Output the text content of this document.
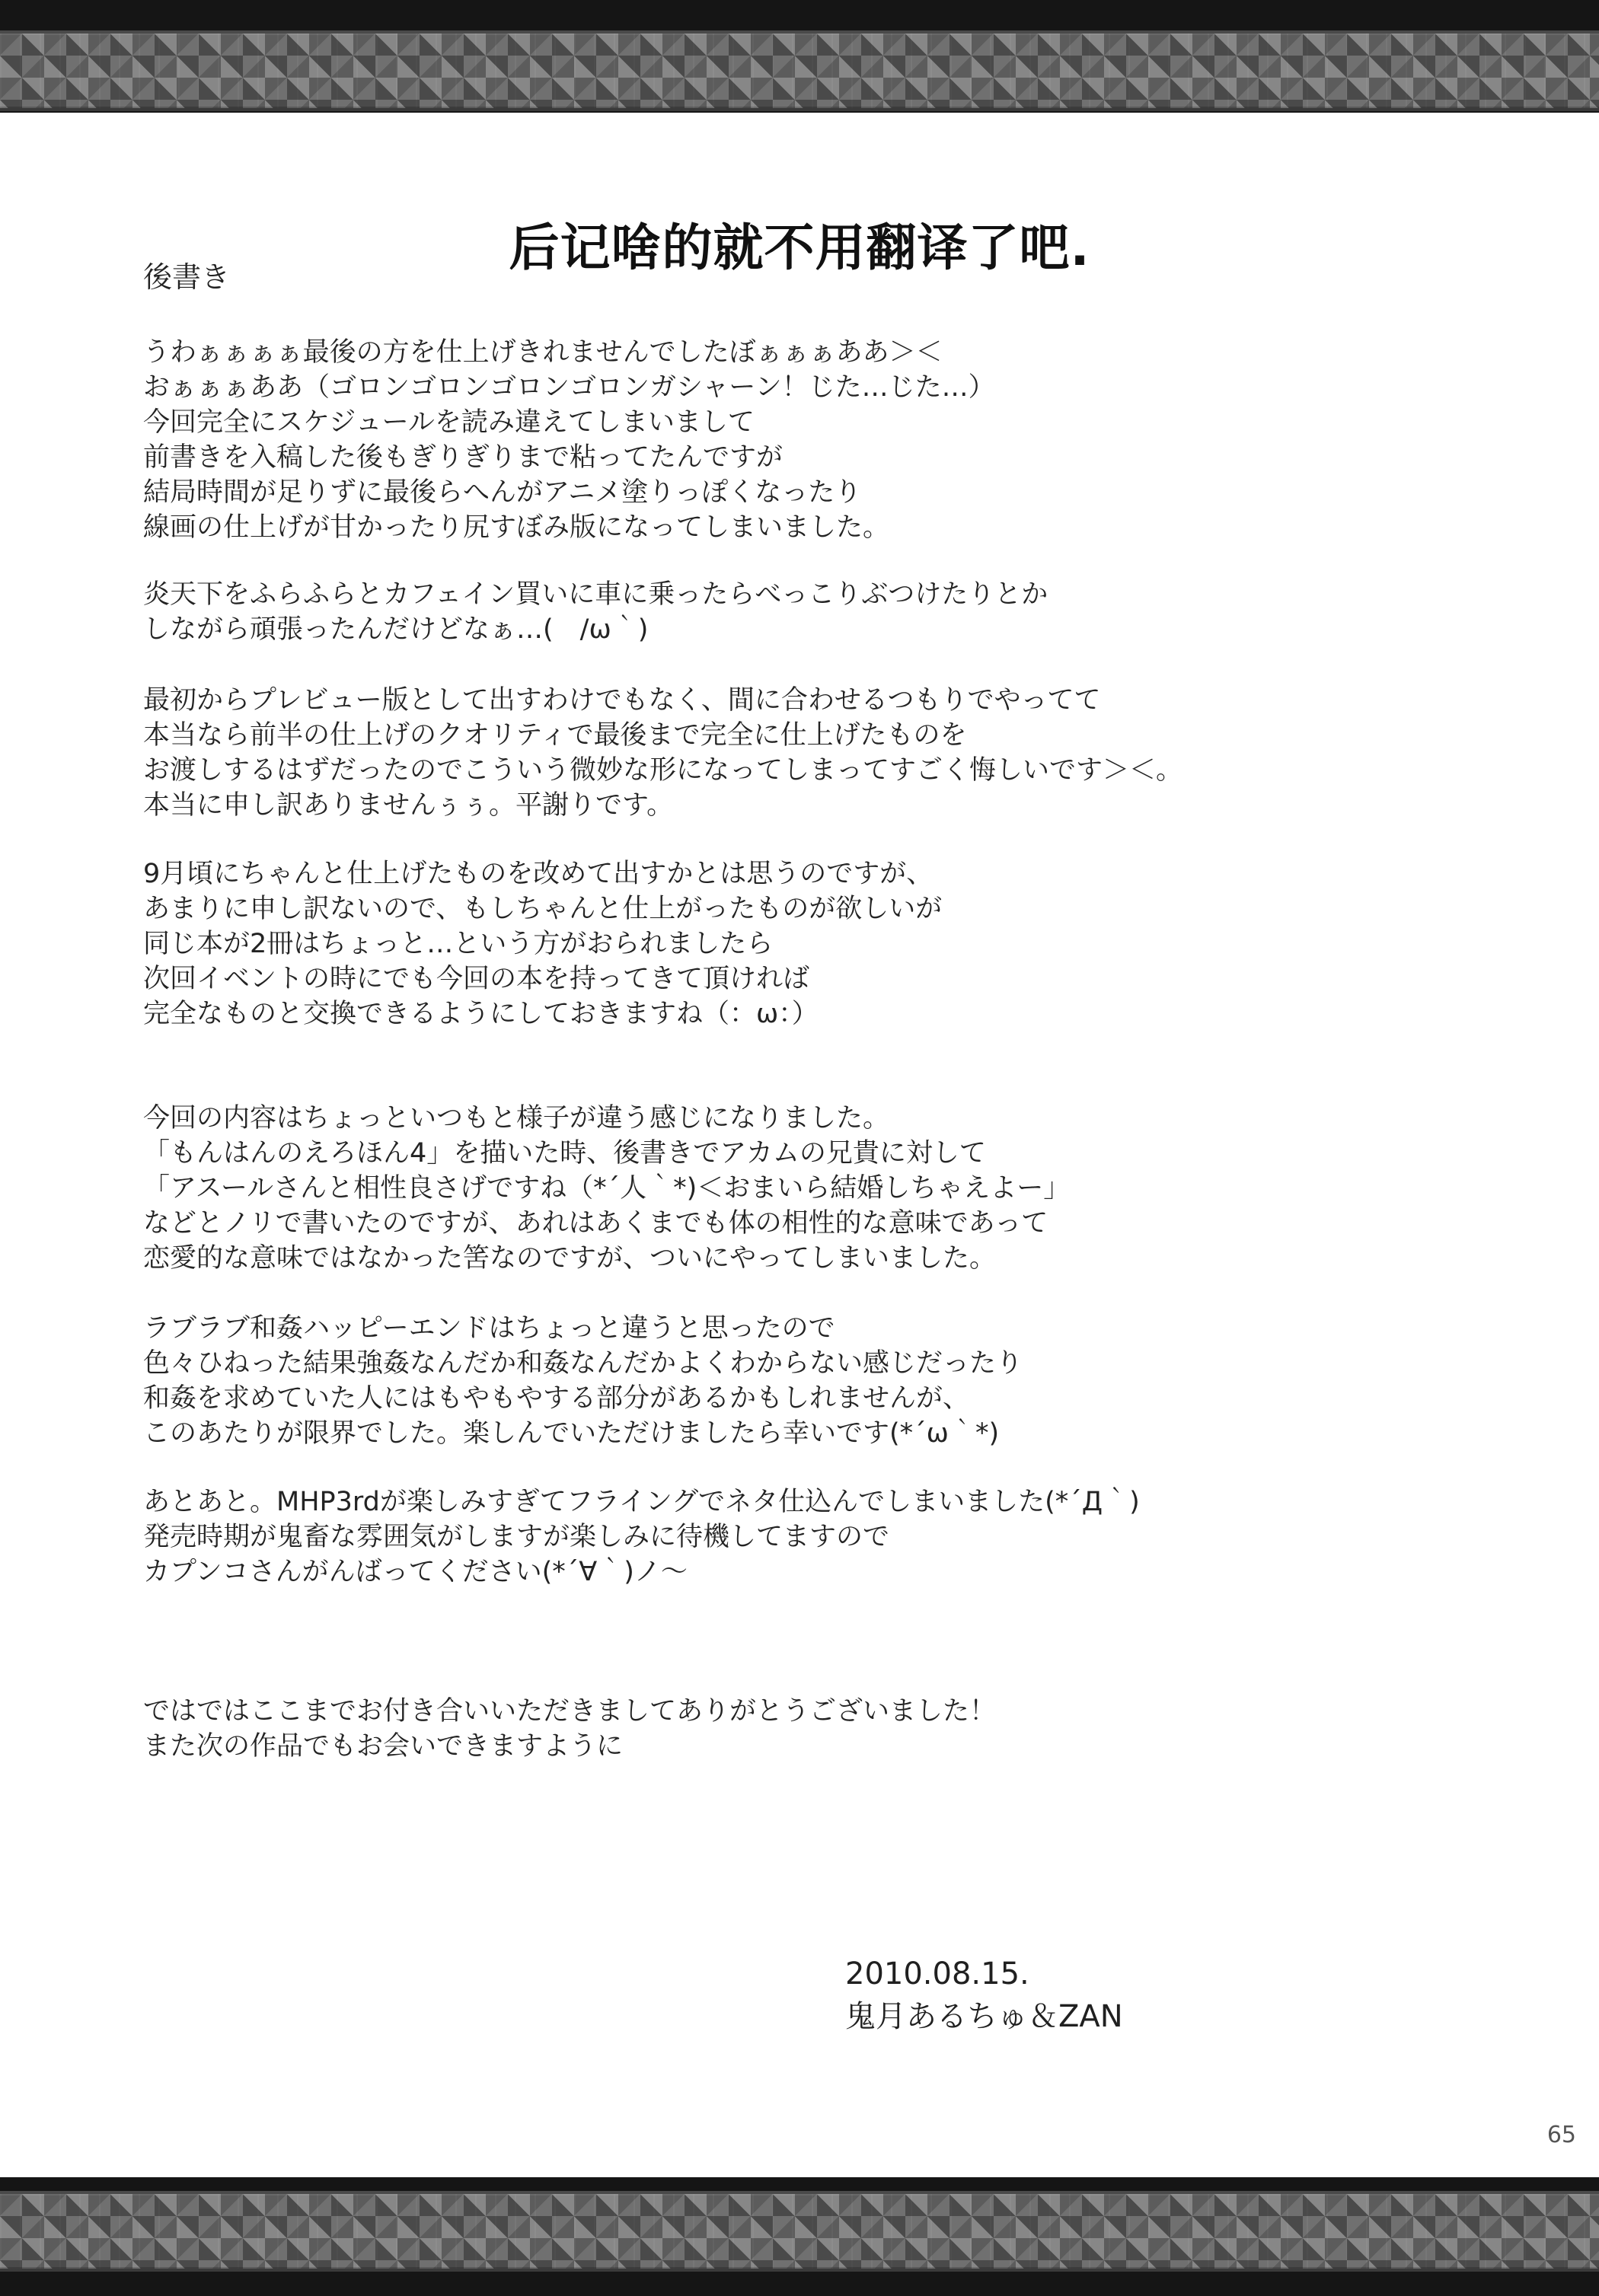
后记啥的就不用翻译了吧.
後書き
うわぁぁぁぁ最後の方を仕上げきれませんでしたぼぁぁぁああ＞＜
おぁぁぁああ（ゴロンゴロンゴロンゴロンガシャーン！じた…じた…）
今回完全にスケジュールを読み違えてしまいまして
前書きを入稿した後もぎりぎりまで粘ってたんですが
結局時間が足りずに最後らへんがアニメ塗りっぽくなったり
線画の仕上げが甘かったり尻すぼみ版になってしまいました。
炎天下をふらふらとカフェイン買いに車に乗ったらべっこりぶつけたりとか
しながら頑張ったんだけどなぁ…(　/ω｀)
最初からプレビュー版として出すわけでもなく、間に合わせるつもりでやってて
本当なら前半の仕上げのクオリティで最後まで完全に仕上げたものを
お渡しするはずだったのでこういう微妙な形になってしまってすごく悔しいです＞＜。
本当に申し訳ありませんぅぅ。平謝りです。
9月頃にちゃんと仕上げたものを改めて出すかとは思うのですが、
あまりに申し訳ないので、もしちゃんと仕上がったものが欲しいが
同じ本が2冊はちょっと…という方がおられましたら
次回イベントの時にでも今回の本を持ってきて頂ければ
完全なものと交換できるようにしておきますね（：ω：）
今回の内容はちょっといつもと様子が違う感じになりました。
「もんはんのえろほん4」を描いた時、後書きでアカムの兄貴に対して
「アスールさんと相性良さげですね（*´人｀*)＜おまいら結婚しちゃえよー」
などとノリで書いたのですが、あれはあくまでも体の相性的な意味であって
恋愛的な意味ではなかった筈なのですが、ついにやってしまいました。
ラブラブ和姦ハッピーエンドはちょっと違うと思ったので
色々ひねった結果強姦なんだか和姦なんだかよくわからない感じだったり
和姦を求めていた人にはもやもやする部分があるかもしれませんが、
このあたりが限界でした。楽しんでいただけましたら幸いです(*´ω｀*)
あとあと。MHP3rdが楽しみすぎてフライングでネタ仕込んでしまいました(*´Д｀)
発売時期が鬼畜な雰囲気がしますが楽しみに待機してますので
カプンコさんがんばってください(*´∀｀)ノ～
ではではここまでお付き合いいただきましてありがとうございました！
また次の作品でもお会いできますように
2010.08.15.
鬼月あるちゅ＆ZAN
65
